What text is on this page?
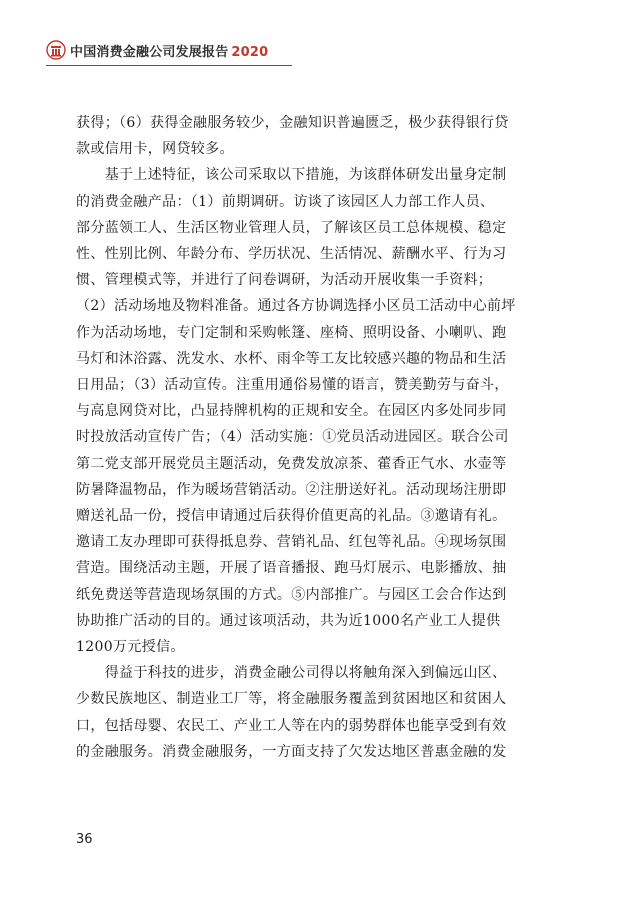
中国消费金融公司发展报告 2020
获得；（6）获得金融服务较少，金融知识普遍匮乏，极少获得银行贷
款或信用卡，网贷较多。
　　基于上述特征，该公司采取以下措施，为该群体研发出量身定制
的消费金融产品：（1）前期调研。访谈了该园区人力部工作人员、
部分蓝领工人、生活区物业管理人员，了解该区员工总体规模、稳定
性、性别比例、年龄分布、学历状况、生活情况、薪酬水平、行为习
惯、管理模式等，并进行了问卷调研，为活动开展收集一手资料；
（2）活动场地及物料准备。通过各方协调选择小区员工活动中心前坪
作为活动场地，专门定制和采购帐篷、座椅、照明设备、小喇叭、跑
马灯和沐浴露、洗发水、水杯、雨伞等工友比较感兴趣的物品和生活
日用品；（3）活动宣传。注重用通俗易懂的语言，赞美勤劳与奋斗，
与高息网贷对比，凸显持牌机构的正规和安全。在园区内多处同步同
时投放活动宣传广告；（4）活动实施：①党员活动进园区。联合公司
第二党支部开展党员主题活动，免费发放凉茶、藿香正气水、水壶等
防暑降温物品，作为暖场营销活动。②注册送好礼。活动现场注册即
赠送礼品一份，授信申请通过后获得价值更高的礼品。③邀请有礼。
邀请工友办理即可获得抵息券、营销礼品、红包等礼品。④现场氛围
营造。围绕活动主题，开展了语音播报、跑马灯展示、电影播放、抽
纸免费送等营造现场氛围的方式。⑤内部推广。与园区工会合作达到
协助推广活动的目的。通过该项活动，共为近1000名产业工人提供
1200万元授信。
　　得益于科技的进步，消费金融公司得以将触角深入到偏远山区、
少数民族地区、制造业工厂等，将金融服务覆盖到贫困地区和贫困人
口，包括母婴、农民工、产业工人等在内的弱势群体也能享受到有效
的金融服务。消费金融服务，一方面支持了欠发达地区普惠金融的发
36
